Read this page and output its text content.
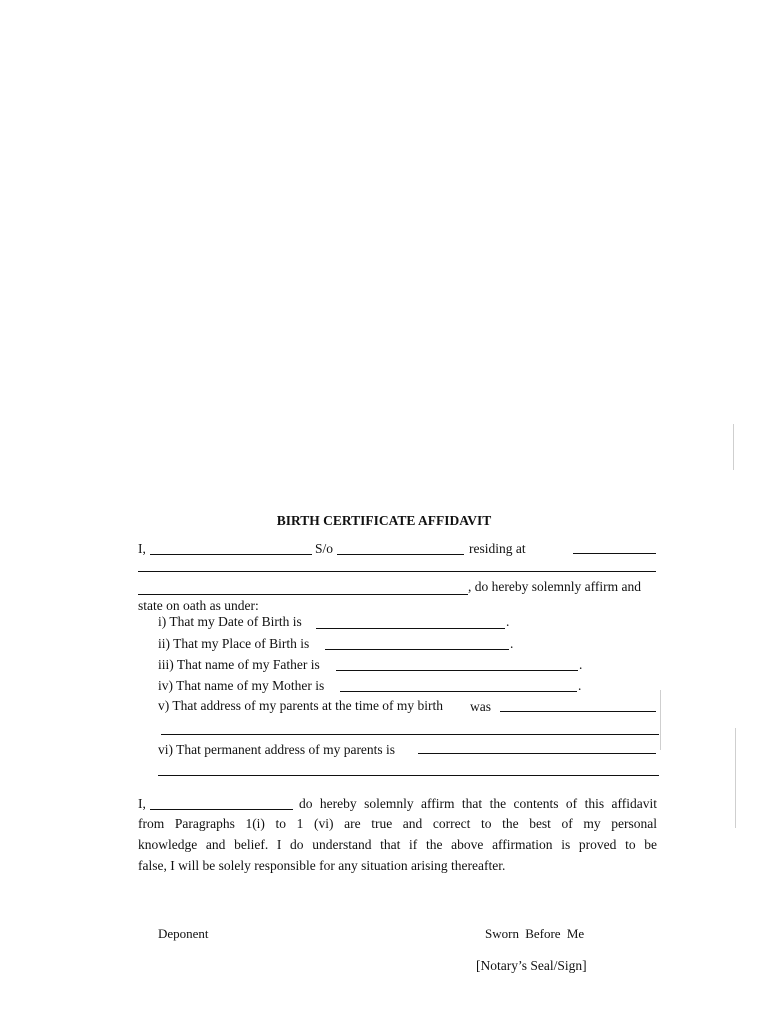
BIRTH CERTIFICATE AFFIDAVIT
I,	S/o	residing at
, do hereby solemnly affirm and
state on oath as under:
i) That my Date of Birth is	.
ii) That my Place of Birth is	.
iii) That name of my Father is	.
iv) That name of my Mother is	.
v) That address of my parents at the time of my birth was
vi) That permanent address of my parents is
I,	do hereby solemnly affirm that the contents of this affidavit
from Paragraphs 1(i) to 1 (vi) are true and correct to the best of my personal
knowledge and belief. I do understand that if the above affirmation is proved to be
false, I will be solely responsible for any situation arising thereafter.
Deponent	Sworn Before Me
[Notary’s Seal/Sign]
